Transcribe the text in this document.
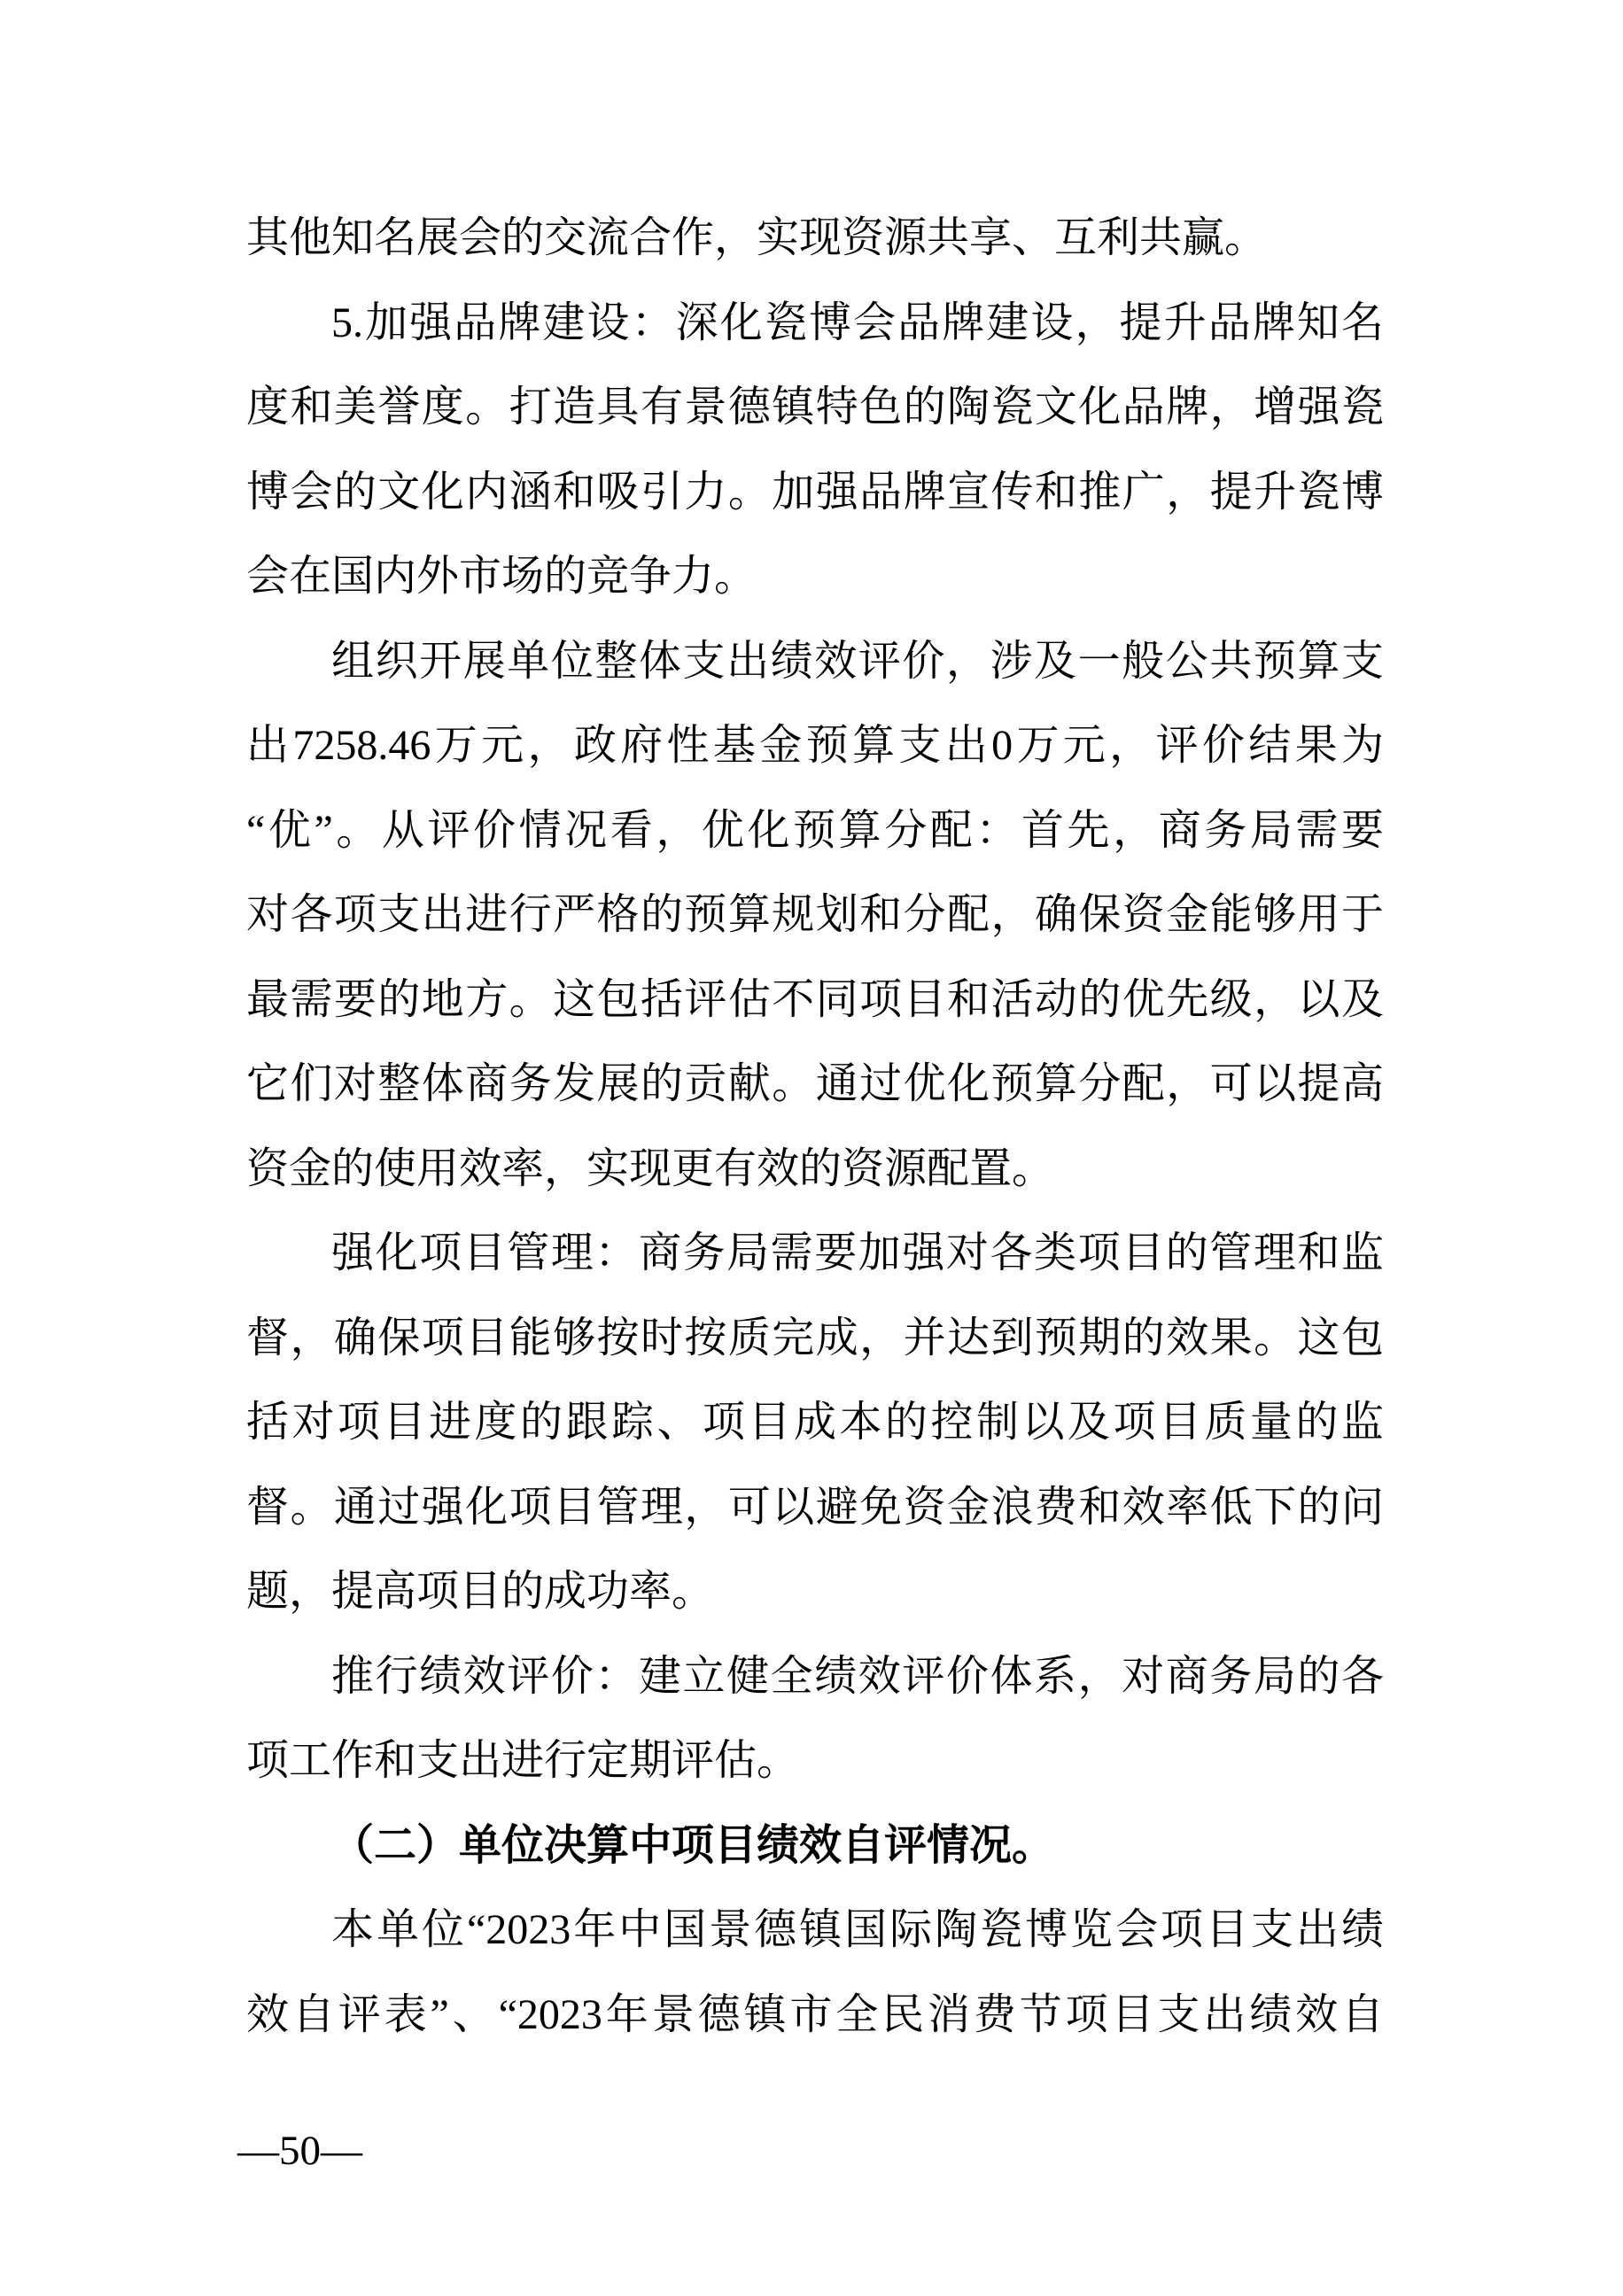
其他知名展会的交流合作，实现资源共享、互利共赢。
5.加强品牌建设：深化瓷博会品牌建设，提升品牌知名
度和美誉度。打造具有景德镇特色的陶瓷文化品牌，增强瓷
博会的文化内涵和吸引力。加强品牌宣传和推广，提升瓷博
会在国内外市场的竞争力。
组织开展单位整体支出绩效评价，涉及一般公共预算支
出7258.46万元，政府性基金预算支出0万元，评价结果为
“优”。从评价情况看，优化预算分配：首先，商务局需要
对各项支出进行严格的预算规划和分配，确保资金能够用于
最需要的地方。这包括评估不同项目和活动的优先级，以及
它们对整体商务发展的贡献。通过优化预算分配，可以提高
资金的使用效率，实现更有效的资源配置。
强化项目管理：商务局需要加强对各类项目的管理和监
督，确保项目能够按时按质完成，并达到预期的效果。这包
括对项目进度的跟踪、项目成本的控制以及项目质量的监
督。通过强化项目管理，可以避免资金浪费和效率低下的问
题，提高项目的成功率。
推行绩效评价：建立健全绩效评价体系，对商务局的各
项工作和支出进行定期评估。
（二）单位决算中项目绩效自评情况。
本单位“2023年中国景德镇国际陶瓷博览会项目支出绩
效自评表”、“2023年景德镇市全民消费节项目支出绩效自
—50—
